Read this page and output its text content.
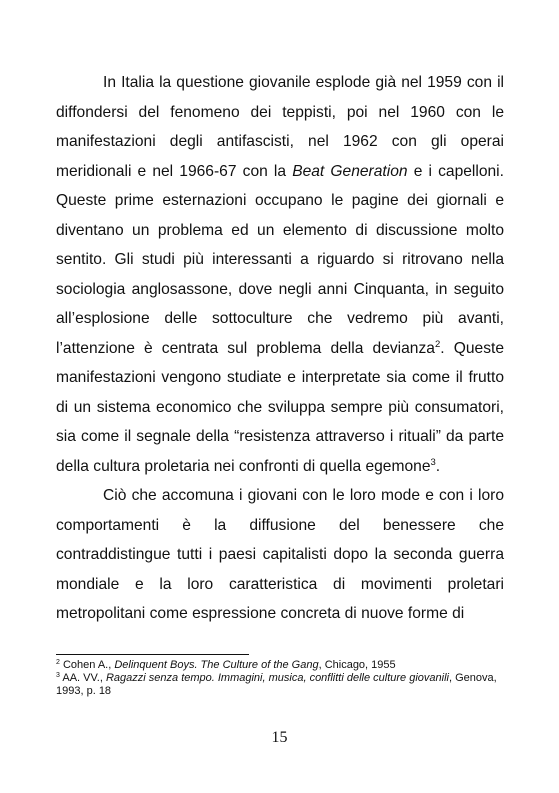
In Italia la questione giovanile esplode già nel 1959 con il diffondersi del fenomeno dei teppisti, poi nel 1960 con le manifestazioni degli antifascisti, nel 1962 con gli operai meridionali e nel 1966-67 con la Beat Generation e i capelloni. Queste prime esternazioni occupano le pagine dei giornali e diventano un problema ed un elemento di discussione molto sentito. Gli studi più interessanti a riguardo si ritrovano nella sociologia anglosassone, dove negli anni Cinquanta, in seguito all’esplosione delle sottoculture che vedremo più avanti, l’attenzione è centrata sul problema della devianza$^2$. Queste manifestazioni vengono studiate e interpretate sia come il frutto di un sistema economico che sviluppa sempre più consumatori, sia come il segnale della “resistenza attraverso i rituali” da parte della cultura proletaria nei confronti di quella egemone$^3$.

Ciò che accomuna i giovani con le loro mode e con i loro comportamenti è la diffusione del benessere che contraddistingue tutti i paesi capitalisti dopo la seconda guerra mondiale e la loro caratteristica di movimenti proletari metropolitani come espressione concreta di nuove forme di

$^2$ Cohen A., Delinquent Boys. The Culture of the Gang, Chicago, 1955

$^3$ AA. VV., Ragazzi senza tempo. Immagini, musica, conflitti delle culture giovanili, Genova, 1993, p. 18

15
